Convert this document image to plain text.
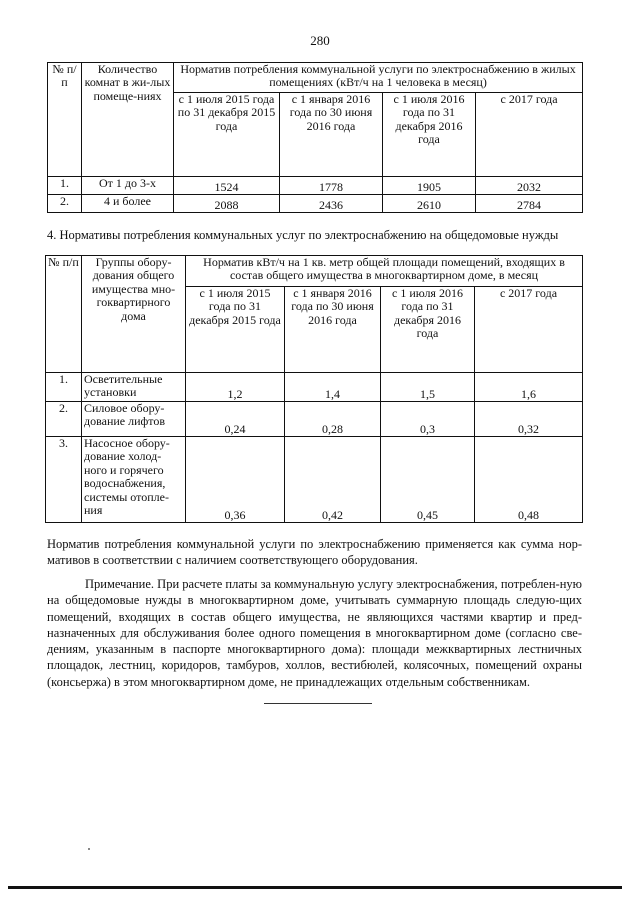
280
№ п/п	Количество комнат в жи-лых помеще-ниях	Норматив потребления коммунальной услуги по электроснабжению в жилых помещениях (кВт/ч на 1 человека в месяц)			
		с 1 июля 2015 года по 31 декабря 2015 года	с 1 января 2016 года по 30 июня 2016 года	с 1 июля 2016 года по 31 декабря 2016 года	с 2017 года
1.	От 1 до 3-х	1524	1778	1905	2032
2.	4 и более	2088	2436	2610	2784
4. Нормативы потребления коммунальных услуг по электроснабжению на общедомовые нужды
№ п/п	Группы обору-дования общего имущества мно-гоквартирного дома	Норматив кВт/ч на 1 кв. метр общей площади помещений, входящих в состав общего имущества в многоквартирном доме, в месяц			
		с 1 июля 2015 года по 31 декабря 2015 года	с 1 января 2016 года по 30 июня 2016 года	с 1 июля 2016 года по 31 декабря 2016 года	с 2017 года
1.	Осветительные установки	1,2	1,4	1,5	1,6
2.	Силовое обору-дование лифтов	0,24	0,28	0,3	0,32
3.	Насосное обору-дование холод-ного и горячего водоснабжения, системы отопле-ния	0,36	0,42	0,45	0,48
Норматив потребления коммунальной услуги по электроснабжению применяется как сумма нор-мативов в соответствии с наличием соответствующего оборудования.
Примечание. При расчете платы за коммунальную услугу электроснабжения, потреблен-ную на общедомовые нужды в многоквартирном доме, учитывать суммарную площадь следую-щих помещений, входящих в состав общего имущества, не являющихся частями квартир и пред-назначенных для обслуживания более одного помещения в многоквартирном доме (согласно све-дениям, указанным в паспорте многоквартирного дома): площади межквартирных лестничных площадок, лестниц, коридоров, тамбуров, холлов, вестибюлей, колясочных, помещений охраны (консьержа) в этом многоквартирном доме, не принадлежащих отдельным собственникам.
